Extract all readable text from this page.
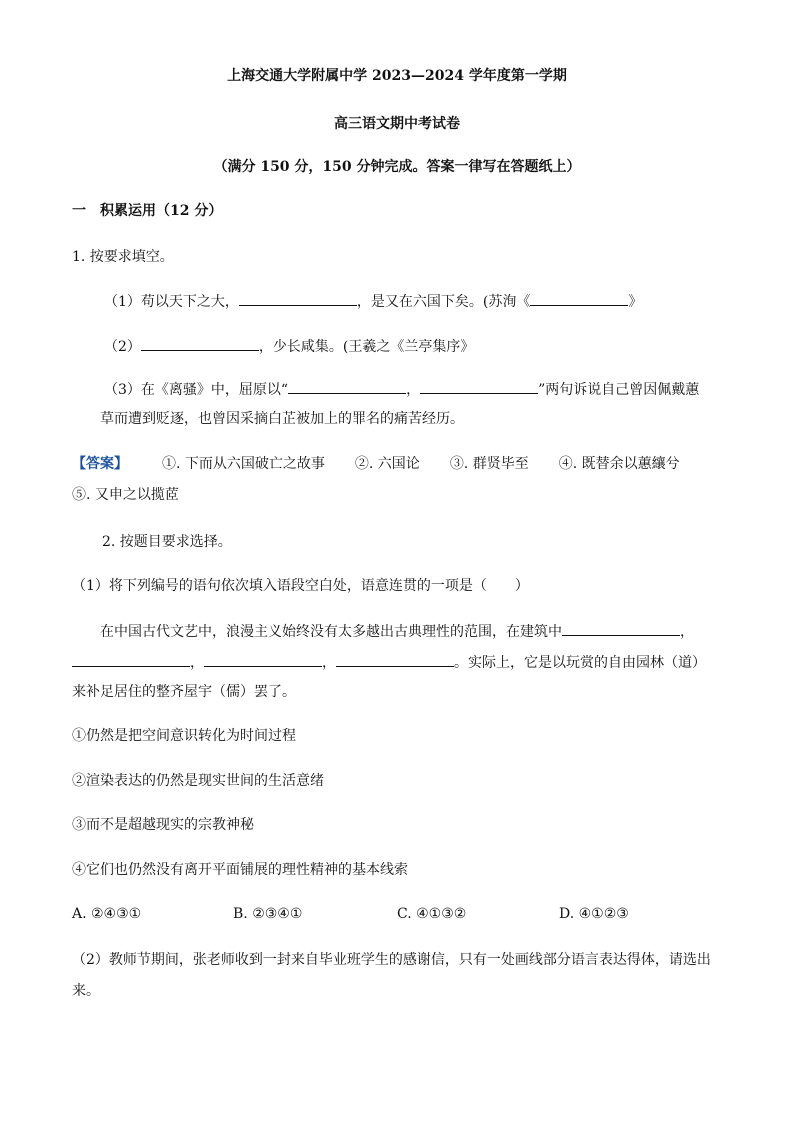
上海交通大学附属中学 2023—2024 学年度第一学期
高三语文期中考试卷
（满分 150 分，150 分钟完成。答案一律写在答题纸上）
一　积累运用（12 分）
1. 按要求填空。
（1）苟以天下之大，	，是又在六国下矣。(苏洵《	》
（2）	，少长咸集。(王羲之《兰亭集序》
（3）在《离骚》中，屈原以“	，	”两句诉说自己曾因佩戴蕙
草而遭到贬逐，也曾因采摘白芷被加上的罪名的痛苦经历。
【答案】 ①. 下而从六国破亡之故事 ②. 六国论 ③. 群贤毕至 ④. 既替余以蕙纕兮
⑤. 又申之以揽茝
2. 按题目要求选择。
（1）将下列编号的语句依次填入语段空白处，语意连贯的一项是（　　）
在中国古代文艺中，浪漫主义始终没有太多越出古典理性的范围，在建筑中	，
，	，	。实际上，它是以玩赏的自由园林（道）
来补足居住的整齐屋宇（儒）罢了。
①仍然是把空间意识转化为时间过程
②渲染表达的仍然是现实世间的生活意绪
③而不是超越现实的宗教神秘
④它们也仍然没有离开平面铺展的理性精神的基本线索
A. ②④③①	B. ②③④①	C. ④①③②	D. ④①②③
（2）教师节期间，张老师收到一封来自毕业班学生的感谢信，只有一处画线部分语言表达得体，请选出
来。
